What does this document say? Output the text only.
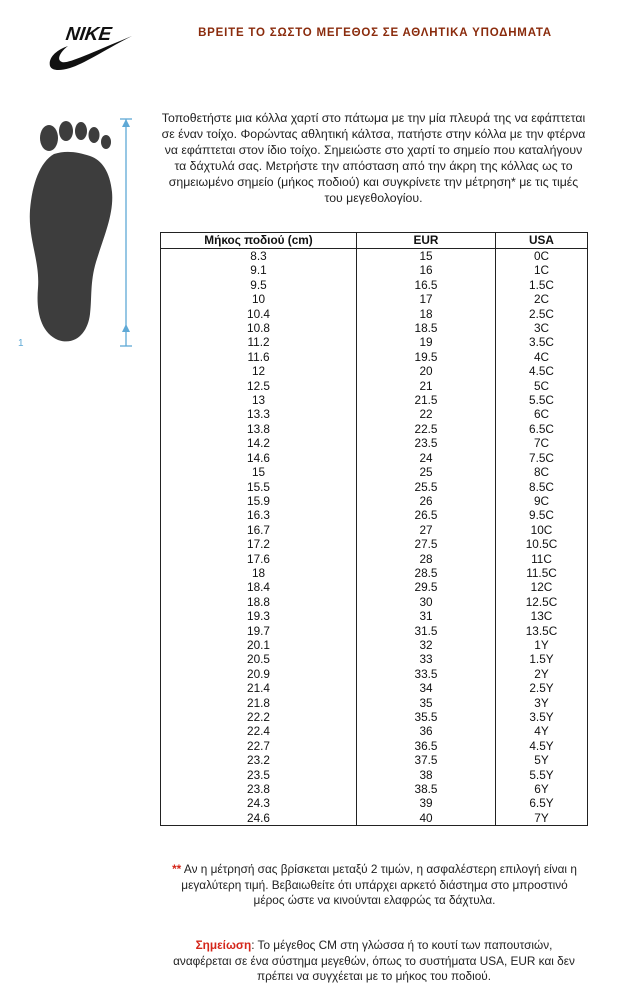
NIKE	ΒΡΕΙΤΕ ΤΟ ΣΩΣΤΟ ΜΕΓΕΘΟΣ ΣΕ ΑΘΛΗΤΙΚΑ ΥΠΟΔΗΜΑΤΑ
1
Τοποθετήστε μια κόλλα χαρτί στο πάτωμα με την μία πλευρά της να εφάπτεται σε έναν τοίχο. Φορώντας αθλητική κάλτσα, πατήστε στην κόλλα με την φτέρνα να εφάπτεται στον ίδιο τοίχο. Σημειώστε στο χαρτί το σημείο που καταλήγουν τα δάχτυλά σας. Μετρήστε την απόσταση από την άκρη της κόλλας ως το σημειωμένο σημείο (μήκος ποδιού) και συγκρίνετε την μέτρηση* με τις τιμές του μεγεθολογίου.
Μήκος ποδιού (cm)	EUR	USA
8.3	15	0C
9.1	16	1C
9.5	16.5	1.5C
10	17	2C
10.4	18	2.5C
10.8	18.5	3C
11.2	19	3.5C
11.6	19.5	4C
12	20	4.5C
12.5	21	5C
13	21.5	5.5C
13.3	22	6C
13.8	22.5	6.5C
14.2	23.5	7C
14.6	24	7.5C
15	25	8C
15.5	25.5	8.5C
15.9	26	9C
16.3	26.5	9.5C
16.7	27	10C
17.2	27.5	10.5C
17.6	28	11C
18	28.5	11.5C
18.4	29.5	12C
18.8	30	12.5C
19.3	31	13C
19.7	31.5	13.5C
20.1	32	1Y
20.5	33	1.5Y
20.9	33.5	2Y
21.4	34	2.5Y
21.8	35	3Y
22.2	35.5	3.5Y
22.4	36	4Y
22.7	36.5	4.5Y
23.2	37.5	5Y
23.5	38	5.5Y
23.8	38.5	6Y
24.3	39	6.5Y
24.6	40	7Y
** Αν η μέτρησή σας βρίσκεται μεταξύ 2 τιμών, η ασφαλέστερη επιλογή είναι η μεγαλύτερη τιμή. Βεβαιωθείτε ότι υπάρχει αρκετό διάστημα στο μπροστινό μέρος ώστε να κινούνται ελαφρώς τα δάχτυλα.
Σημείωση: Το μέγεθος CM στη γλώσσα ή το κουτί των παπουτσιών, αναφέρεται σε ένα σύστημα μεγεθών, όπως το συστήματα USA, EUR και δεν πρέπει να συγχέεται με το μήκος του ποδιού.
